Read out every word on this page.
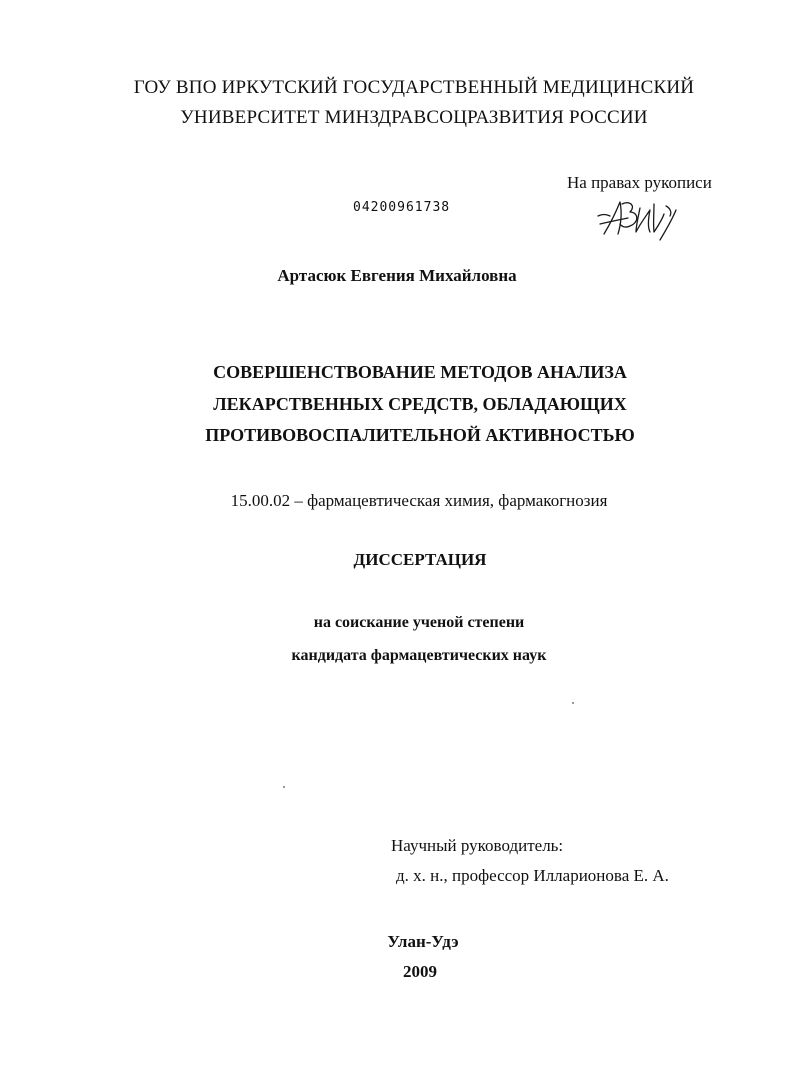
ГОУ ВПО ИРКУТСКИЙ ГОСУДАРСТВЕННЫЙ МЕДИЦИНСКИЙ
УНИВЕРСИТЕТ МИНЗДРАВСОЦРАЗВИТИЯ РОССИИ
На правах рукописи
04200961738
Артасюк Евгения Михайловна
СОВЕРШЕНСТВОВАНИЕ МЕТОДОВ АНАЛИЗА
ЛЕКАРСТВЕННЫХ СРЕДСТВ, ОБЛАДАЮЩИХ
ПРОТИВОВОСПАЛИТЕЛЬНОЙ АКТИВНОСТЬЮ
15.00.02 – фармацевтическая химия, фармакогнозия
ДИССЕРТАЦИЯ
на соискание ученой степени
кандидата фармацевтических наук
Научный руководитель:
д. х. н., профессор Илларионова Е. А.
Улан-Удэ
2009
